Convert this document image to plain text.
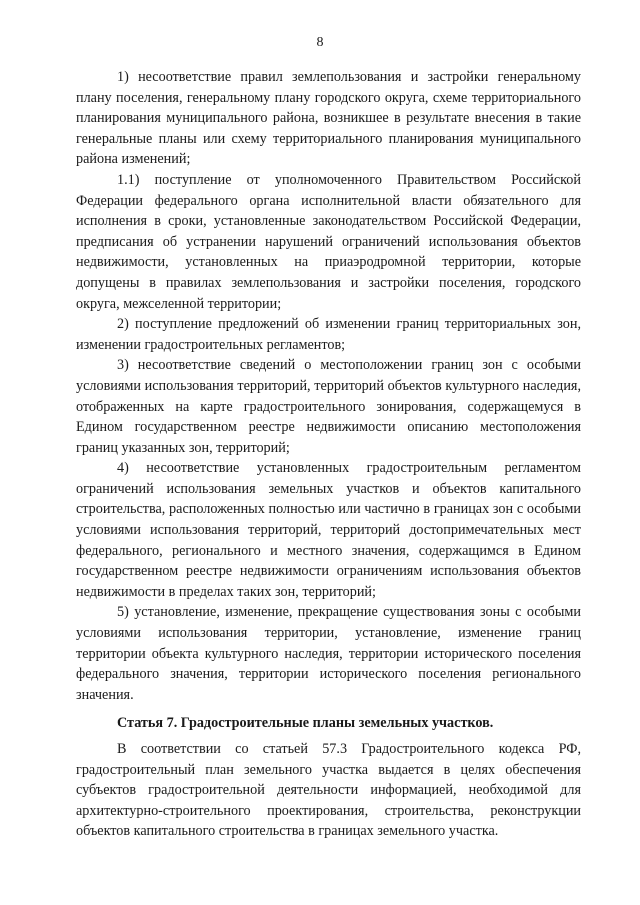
8

1) несоответствие правил землепользования и застройки генеральному плану поселения, генеральному плану городского округа, схеме территориального планирования муниципального района, возникшее в результате внесения в такие генеральные планы или схему территориального планирования муниципального района изменений;

1.1) поступление от уполномоченного Правительством Российской Федерации федерального органа исполнительной власти обязательного для исполнения в сроки, установленные законодательством Российской Федерации, предписания об устранении нарушений ограничений использования объектов недвижимости, установленных на приаэродромной территории, которые допущены в правилах землепользования и застройки поселения, городского округа, межселенной территории;

2) поступление предложений об изменении границ территориальных зон, изменении градостроительных регламентов;

3) несоответствие сведений о местоположении границ зон с особыми условиями использования территорий, территорий объектов культурного наследия, отображенных на карте градостроительного зонирования, содержащемуся в Едином государственном реестре недвижимости описанию местоположения границ указанных зон, территорий;

4) несоответствие установленных градостроительным регламентом ограничений использования земельных участков и объектов капитального строительства, расположенных полностью или частично в границах зон с особыми условиями использования территорий, территорий достопримечательных мест федерального, регионального и местного значения, содержащимся в Едином государственном реестре недвижимости ограничениям использования объектов недвижимости в пределах таких зон, территорий;

5) установление, изменение, прекращение существования зоны с особыми условиями использования территории, установление, изменение границ территории объекта культурного наследия, территории исторического поселения федерального значения, территории исторического поселения регионального значения.

Статья 7. Градостроительные планы земельных участков.

В соответствии со статьей 57.3 Градостроительного кодекса РФ, градостроительный план земельного участка выдается в целях обеспечения субъектов градостроительной деятельности информацией, необходимой для архитектурно-строительного проектирования, строительства, реконструкции объектов капитального строительства в границах земельного участка.
